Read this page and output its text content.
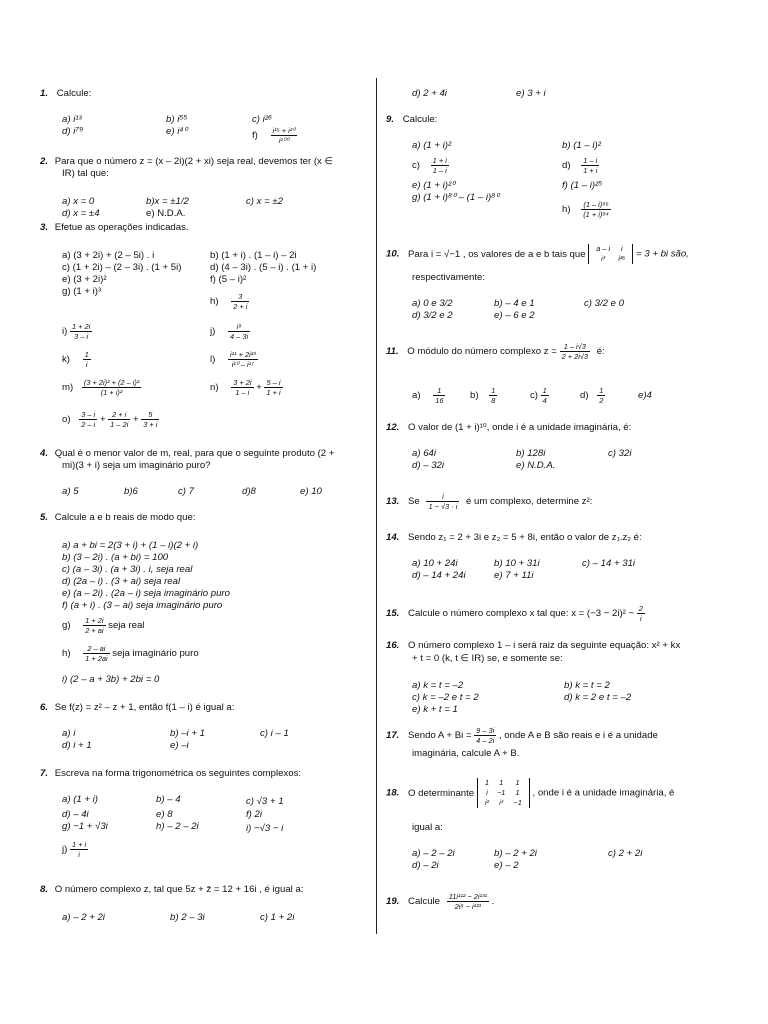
1. Calcule:
a) i¹³	b) i⁵⁵	c) i²⁶
d) i⁷⁹	e) i⁴⁰	$f) \frac{\text{i¹⁵ + i²⁰}}{\text{i¹⁰⁰}}$
2. Para que o número z = (x – 2i)(2 + xi) seja real, devemos ter (x ∈
IR) tal que:
a) x = 0	b)x = ±1/2	c) x = ±2
d) x = ±4	e) N.D.A.
3. Efetue as operações indicadas.
a) (3 + 2i) + (2 – 5i) . i	b) (1 + i) . (1 – i) – 2i
c) (1 + 2i) – (2 – 3i) . (1 + 5i)	d) (4 – 3i) . (5 – i) . (1 + i)
e) (3 + 2i)²	f) (5 – i)²
g) (1 + i)³
$h) \frac{3}{2 + i}$
$i) \frac{1 + 2i}{3 - i}$	$j) \frac{\text{i⁹}}{4 - 3i}$
$k) \frac{1}{i}$	$l) \frac{\text{i¹¹ + 2i²³}}{\text{i¹⁰ – i¹⁷}}$
$m) \frac{\text{(3 + 2i)² + (2 – i)²}}{\text{(1 + i)²}}$	$n) \frac{3 + 2i}{1 - i} + \frac{5 - i}{1 + i}$
$o) \frac{3 - i}{2 - i} + \frac{2 + i}{1 - 2i} + \frac{5}{3 + i}$
4. Qual é o menor valor de m, real, para que o seguinte produto (2 +
mi)(3 + i) seja um imaginário puro?
a) 5	b)6	c) 7	d)8	e) 10
5. Calcule a e b reais de modo que:
a) a + bi = 2(3 + i) + (1 – i)(2 + i)
b) (3 – 2i) . (a + bi) = 100
c) (a – 3i) . (a + 3i) . i, seja real
d) (2a – i) . (3 + ai) seja real
e) (a – 2i) . (2a – i) seja imaginário puro
f) (a + i) . (3 – ai) seja imaginário puro
$g) \frac{1 + 2i}{2 + ai}$ seja real
$h) \frac{2 - ai}{1 + 2ai}$ seja imaginário puro
i) (2 – a + 3b) + 2bi = 0
6. Se f(z) = z² – z + 1, então f(1 – i) é igual a:
a) i	b) –i + 1	c) i – 1
d) i + 1	e) –i
7. Escreva na forma trigonométrica os seguintes complexos:
a) (1 + i)	b) – 4	c) √3 + 1
d) – 4i	e) 8	f) 2i
g) −1 + √3i	h) – 2 – 2i	i) −√3 − i
$j) \frac{1 + i}{i}$
8. O número complexo z, tal que 5z + z̄ = 12 + 16i , é igual a:
a) – 2 + 2i	b) 2 – 3i	c) 1 + 2i
d) 2 + 4i	e) 3 + i
9. Calcule:
a) (1 + i)²	b) (1 – i)²
$c) \frac{1 + i}{1 - i}$	$d) \frac{1 - i}{1 + i}$
e) (1 + i)²⁰	f) (1 – i)²⁵
g) (1 + i)⁸⁰ – (1 – i)⁸⁰
$h) \frac{\text{(1 – i)⁹⁶}}{\text{(1 + i)⁹⁴}}$
10. Para i = √−1 , os valores de a e b tais que
a – i	i
i³	i²⁶ = 3 + bi são,
respectivamente:
a) 0 e 3/2	b) – 4 e 1	c) 3/2 e 0
d) 3/2 e 2	e) – 6 e 2
11. O módulo do número complexo $z = \frac{1 - i√3}{2 + 2i√3}$ é:
$a) \frac{1}{16}$	$b) \frac{1}{8}$	$c) \frac{1}{4}$	$d) \frac{1}{2}$	e)4
12. O valor de (1 + i)¹⁰, onde i é a unidade imaginária, é:
a) 64i	b) 128i	c) 32i
d) – 32i	e) N.D.A.
13. Se $\frac{i}{1 - √3 \cdot i}$ é um complexo, determine z²:
14. Sendo z₁ = 2 + 3i e z₂ = 5 + 8i, então o valor de z₁.z₂ é:
a) 10 + 24i	b) 10 + 31i	c) – 14 + 31i
d) – 14 + 24i	e) 7 + 11i
15. Calcule o número complexo x tal que: $x = (-3 - 2i)^2 - \frac{2}{i}$
16. O número complexo 1 – i será raiz da seguinte equação: x² + kx
+ t = 0 (k, t ∈ IR) se, e somente se:
a) k = t = –2	b) k = t = 2
c) k = –2 e t = 2	d) k = 2 e t = –2
e) k + t = 1
17. Sendo $A + Bi = \frac{9 - 3i}{4 - 2i}$ , onde A e B são reais e i é a unidade
imaginária, calcule A + B.
18. O determinante
1	1	1
i	−1	1
i²	i³	−1
, onde i é a unidade imaginária, é
igual a:
a) – 2 – 2i	b) – 2 + 2i	c) 2 + 2i
d) – 2i	e) – 2
19. Calcule $\frac{\text{11i¹¹² − 2i¹³¹}}{\text{2i⁸ − i¹²³}}$ .
